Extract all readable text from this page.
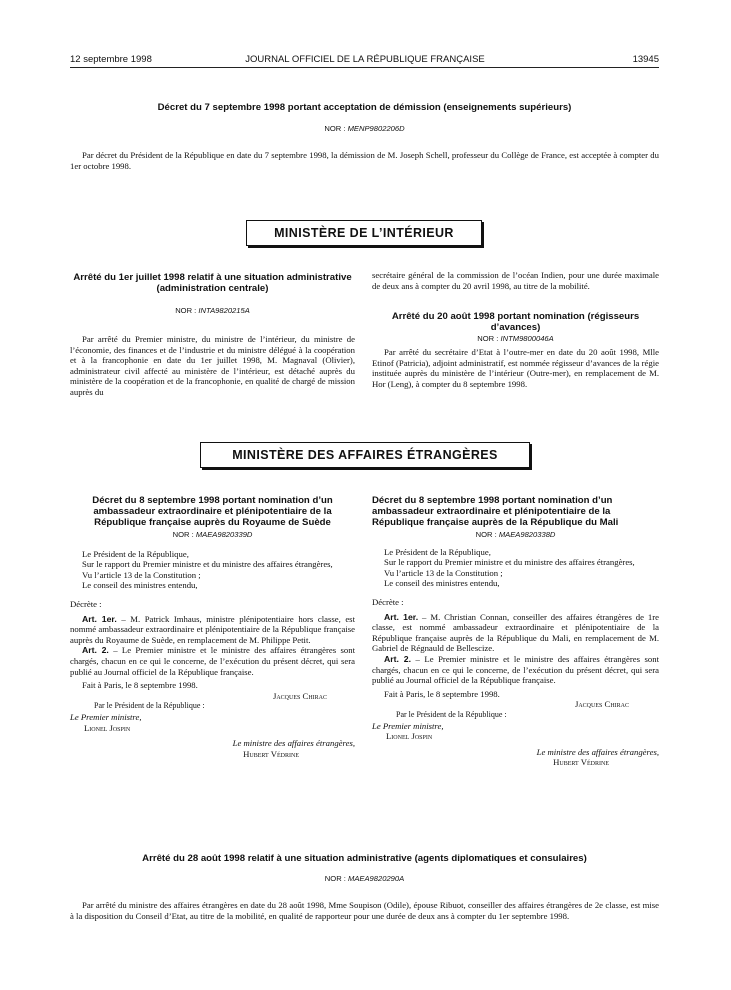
12 septembre 1998	JOURNAL OFFICIEL DE LA RÉPUBLIQUE FRANÇAISE	13945
Décret du 7 septembre 1998 portant acceptation de démission (enseignements supérieurs)
NOR : MENP9802206D

Par décret du Président de la République en date du 7 septembre 1998, la démission de M. Joseph Schell, professeur du Collège de France, est acceptée à compter du 1er octobre 1998.

MINISTÈRE DE L’INTÉRIEUR
Arrêté du 1er juillet 1998 relatif à une situation administrative (administration centrale)
NOR : INTA9820215A

Par arrêté du Premier ministre, du ministre de l’intérieur, du ministre de l’économie, des finances et de l’industrie et du ministre délégué à la coopération et à la francophonie en date du 1er juillet 1998, M. Magnaval (Olivier), administrateur civil affecté au ministère de l’intérieur, est détaché auprès du ministère de la coopération et de la francophonie, en qualité de chargé de mission auprès du

secrétaire général de la commission de l’océan Indien, pour une durée maximale de deux ans à compter du 20 avril 1998, au titre de la mobilité.

Arrêté du 20 août 1998 portant nomination (régisseurs d’avances)
NOR : INTM9800046A

Par arrêté du secrétaire d’Etat à l’outre-mer en date du 20 août 1998, Mlle Etinof (Patricia), adjoint administratif, est nommée régisseur d’avances de la régie instituée auprès du ministère de l’intérieur (Outre-mer), en remplacement de M. Hor (Leng), à compter du 8 septembre 1998.

MINISTÈRE DES AFFAIRES ÉTRANGÈRES
Décret du 8 septembre 1998 portant nomination d’un ambassadeur extraordinaire et plénipotentiaire de la République française auprès du Royaume de Suède
NOR : MAEA9820339D

Le Président de la République,

Sur le rapport du Premier ministre et du ministre des affaires étrangères,

Vu l’article 13 de la Constitution ;

Le conseil des ministres entendu,

Décrète :

Art. 1er. – M. Patrick Imhaus, ministre plénipotentiaire hors classe, est nommé ambassadeur extraordinaire et plénipotentiaire de la République française auprès du Royaume de Suède, en remplacement de M. Philippe Petit.

Art. 2. – Le Premier ministre et le ministre des affaires étrangères sont chargés, chacun en ce qui le concerne, de l’exécution du présent décret, qui sera publié au Journal officiel de la République française.

Fait à Paris, le 8 septembre 1998.

Jacques Chirac

Par le Président de la République :

Le Premier ministre,

Lionel Jospin

Le ministre des affaires étrangères,

Hubert Védrine

Décret du 8 septembre 1998 portant nomination d’un ambassadeur extraordinaire et plénipotentiaire de la République française auprès de la République du Mali
NOR : MAEA9820338D

Le Président de la République,

Sur le rapport du Premier ministre et du ministre des affaires étrangères,

Vu l’article 13 de la Constitution ;

Le conseil des ministres entendu,

Décrète :

Art. 1er. – M. Christian Connan, conseiller des affaires étrangères de 1re classe, est nommé ambassadeur extraordinaire et plénipotentiaire de la République française auprès de la République du Mali, en remplacement de M. Gabriel de Régnauld de Bellescize.

Art. 2. – Le Premier ministre et le ministre des affaires étrangères sont chargés, chacun en ce qui le concerne, de l’exécution du présent décret, qui sera publié au Journal officiel de la République française.

Fait à Paris, le 8 septembre 1998.

Jacques Chirac

Par le Président de la République :

Le Premier ministre,

Lionel Jospin

Le ministre des affaires étrangères,

Hubert Védrine

Arrêté du 28 août 1998 relatif à une situation administrative (agents diplomatiques et consulaires)
NOR : MAEA9820290A

Par arrêté du ministre des affaires étrangères en date du 28 août 1998, Mme Soupison (Odile), épouse Ribuot, conseiller des affaires étrangères de 2e classe, est mise à la disposition du Conseil d’Etat, au titre de la mobilité, en qualité de rapporteur pour une durée de deux ans à compter du 1er septembre 1998.
